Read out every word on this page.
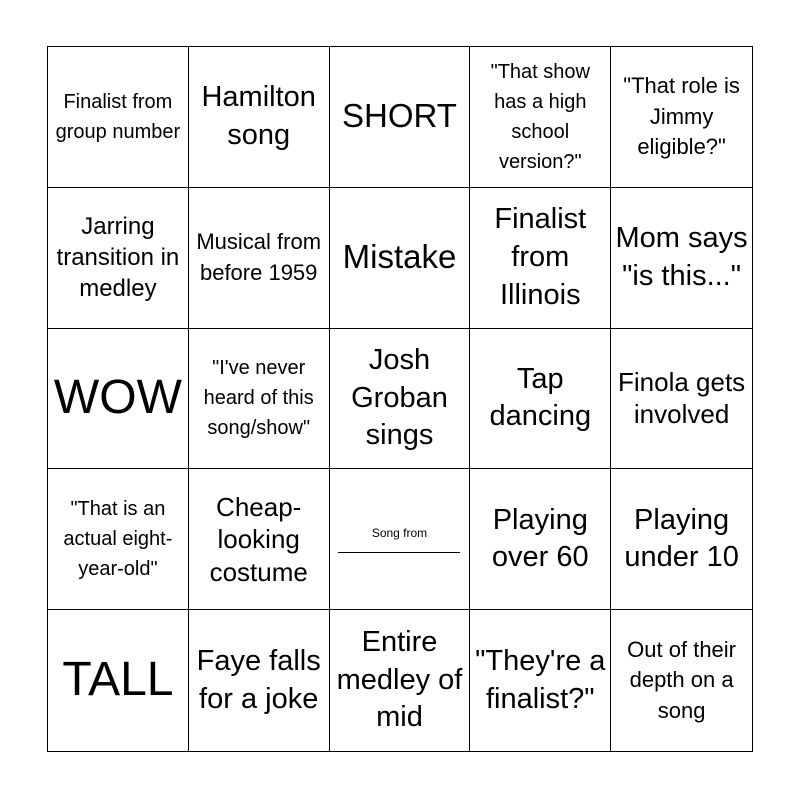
Finalist from group number
Hamilton song
SHORT
"That show has a high school version?"
"That role is Jimmy eligible?"
Jarring transition in medley
Musical from before 1959 Mistake
Finalist from Illinois
Mom says "is this..."
WOW
"I've never heard of this song/show"
Josh Groban sings
Tap dancing
Finola gets involved
"That is an actual eight-year-old"
Cheap-looking costume
Song from	Playing over 60
Playing under 10
TALL Faye falls for a joke
Entire medley of mid
"They're a finalist?"
Out of their depth on a song
